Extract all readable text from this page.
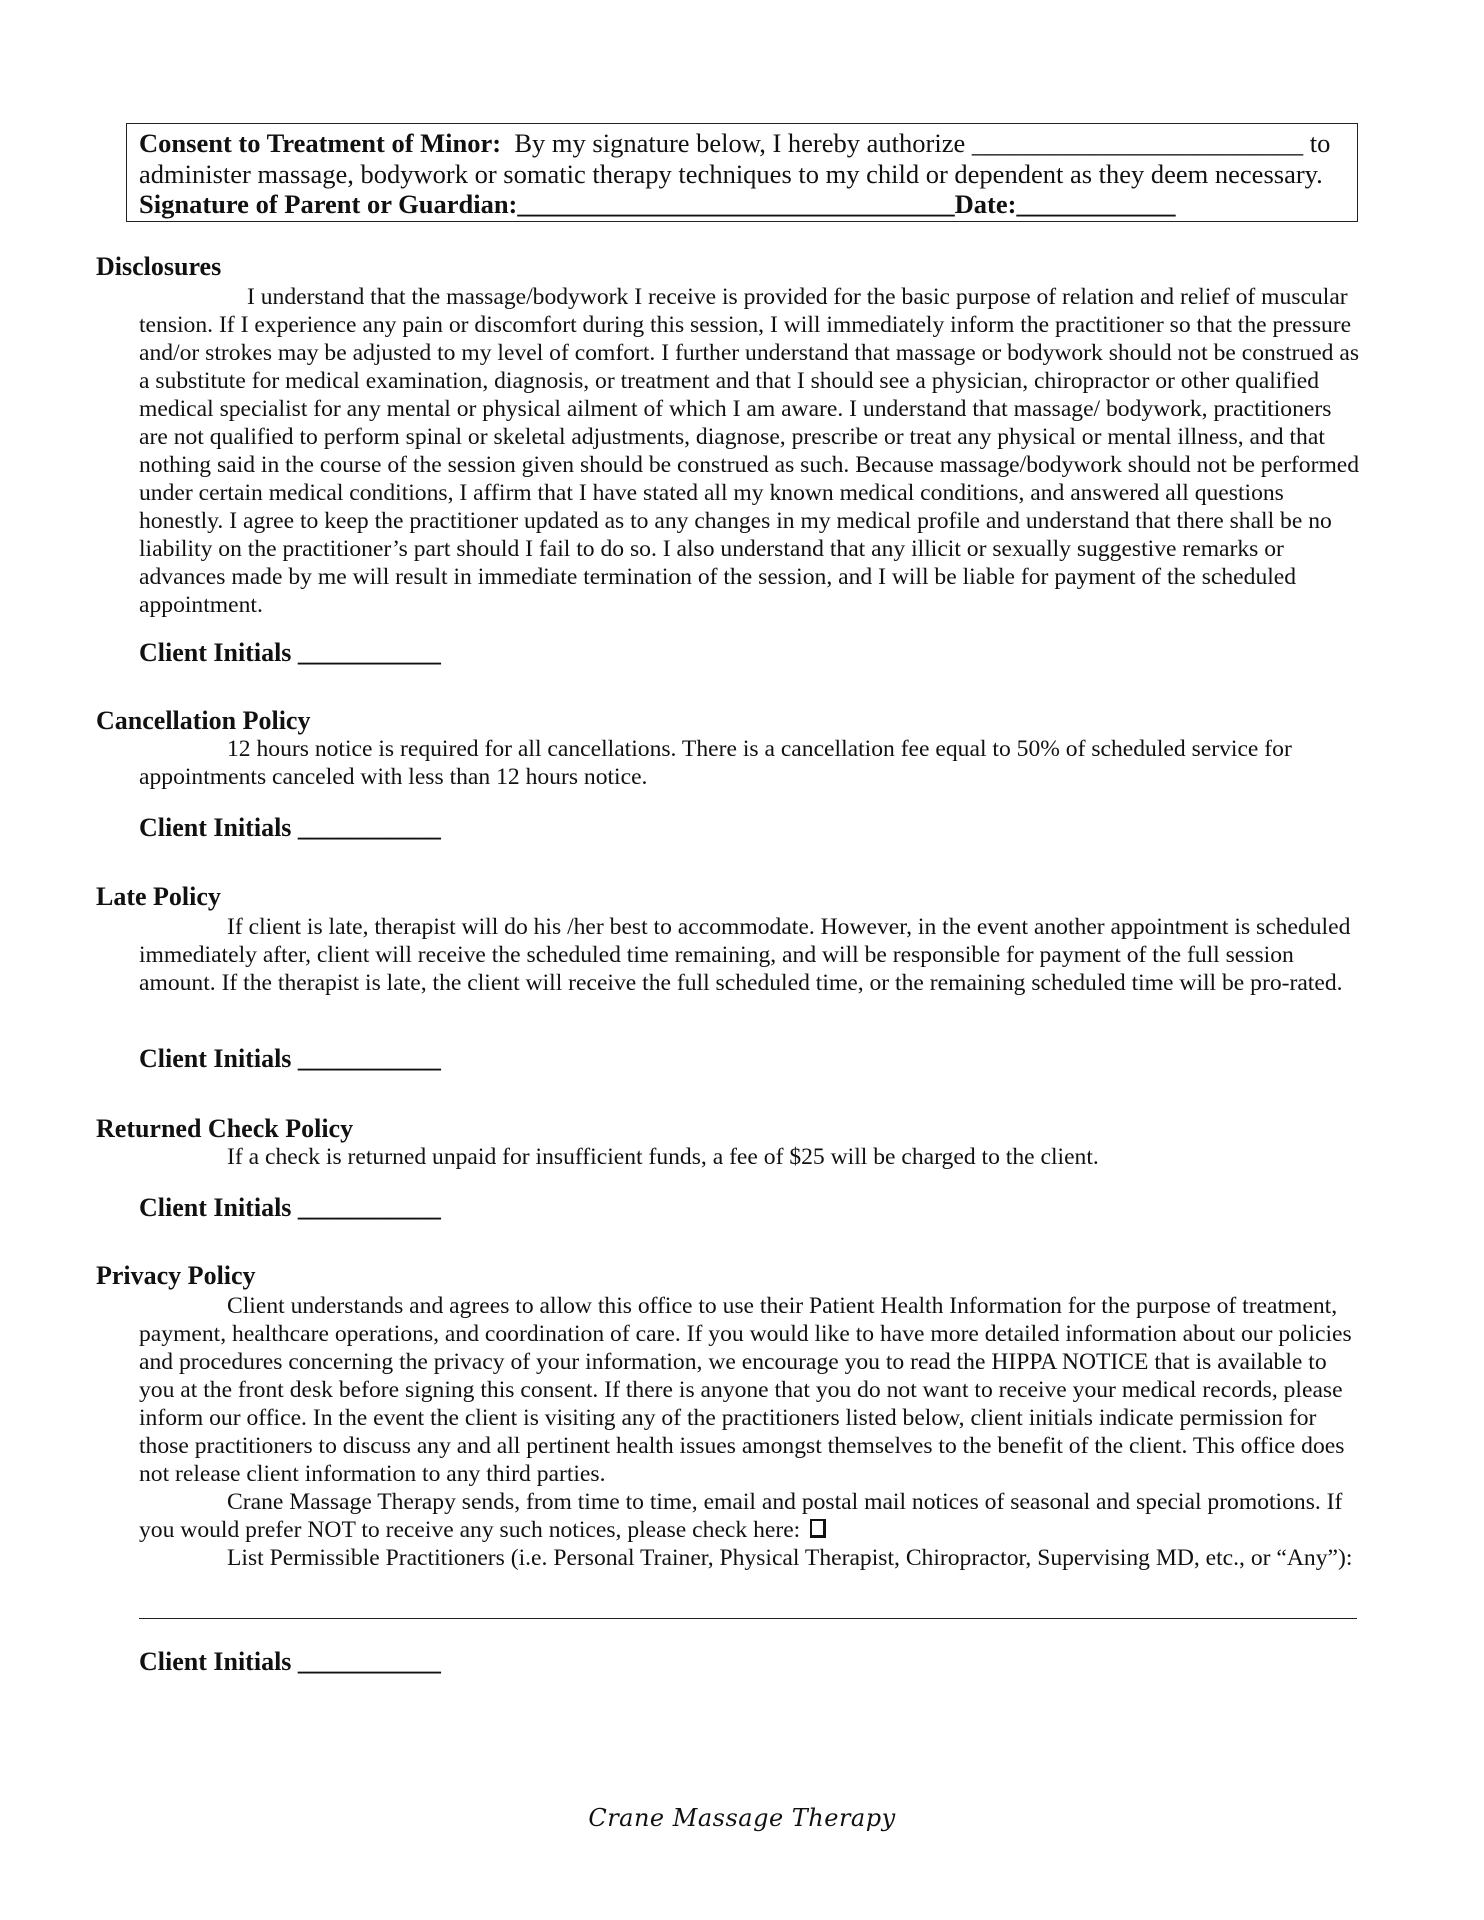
Consent to Treatment of Minor:  By my signature below, I hereby authorize _________________________ to
administer massage, bodywork or somatic therapy techniques to my child or dependent as they deem necessary.
Signature of Parent or Guardian:_________________________________Date:____________
Disclosures

I understand that the massage/bodywork I receive is provided for the basic purpose of relation and relief of muscular tension. If I experience any pain or discomfort during this session, I will immediately inform the practitioner so that the pressure and/or strokes may be adjusted to my level of comfort. I further understand that massage or bodywork should not be construed as a substitute for medical examination, diagnosis, or treatment and that I should see a physician, chiropractor or other qualified medical specialist for any mental or physical ailment of which I am aware. I understand that massage/ bodywork, practitioners are not qualified to perform spinal or skeletal adjustments, diagnose, prescribe or treat any physical or mental illness, and that nothing said in the course of the session given should be construed as such. Because massage/bodywork should not be performed under certain medical conditions, I affirm that I have stated all my known medical conditions, and answered all questions honestly. I agree to keep the practitioner updated as to any changes in my medical profile and understand that there shall be no liability on the practitioner’s part should I fail to do so. I also understand that any illicit or sexually suggestive remarks or advances made by me will result in immediate termination of the session, and I will be liable for payment of the scheduled appointment.

Client Initials ___________
Cancellation Policy

12 hours notice is required for all cancellations. There is a cancellation fee equal to 50% of scheduled service for appointments canceled with less than 12 hours notice.

Client Initials ___________
Late Policy

If client is late, therapist will do his /her best to accommodate. However, in the event another appointment is scheduled immediately after, client will receive the scheduled time remaining, and will be responsible for payment of the full session amount. If the therapist is late, the client will receive the full scheduled time, or the remaining scheduled time will be pro-rated.

Client Initials ___________
Returned Check Policy

If a check is returned unpaid for insufficient funds, a fee of $25 will be charged to the client.

Client Initials ___________
Privacy Policy

Client understands and agrees to allow this office to use their Patient Health Information for the purpose of treatment, payment, healthcare operations, and coordination of care. If you would like to have more detailed information about our policies and procedures concerning the privacy of your information, we encourage you to read the HIPPA NOTICE that is available to you at the front desk before signing this consent. If there is anyone that you do not want to receive your medical records, please inform our office. In the event the client is visiting any of the practitioners listed below, client initials indicate permission for those practitioners to discuss any and all pertinent health issues amongst themselves to the benefit of the client. This office does not release client information to any third parties.

Crane Massage Therapy sends, from time to time, email and postal mail notices of seasonal and special promotions. If you would prefer NOT to receive any such notices, please check here:

List Permissible Practitioners (i.e. Personal Trainer, Physical Therapist, Chiropractor, Supervising MD, etc., or “Any”):

Client Initials ___________
Crane Massage Therapy
